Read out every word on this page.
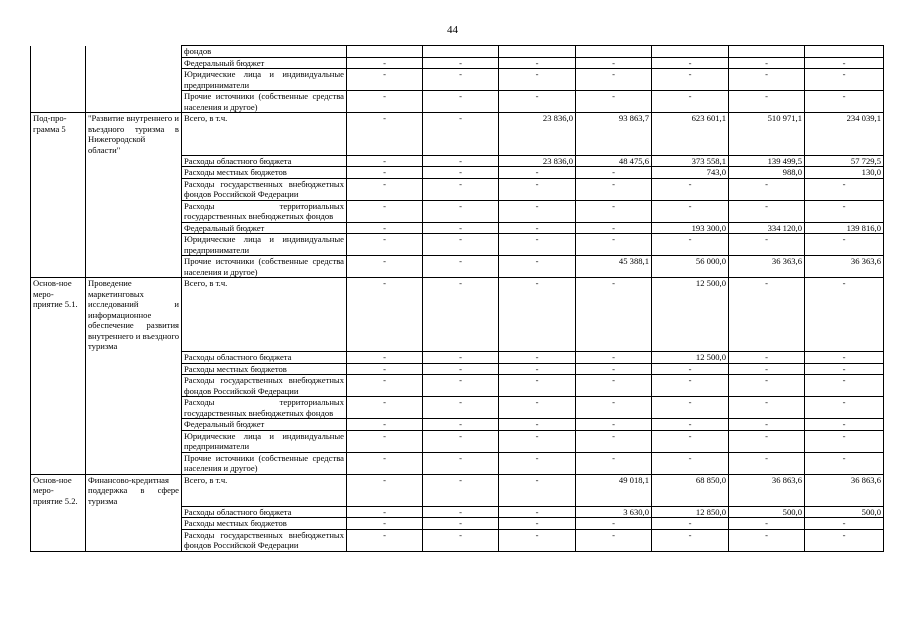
44
		фондов							
		Федеральный бюджет	-	-	-	-	-	-	-
		Юридические лица и индивидуальные предприниматели	-	-	-	-	-	-	-
		Прочие источники (собственные средства населения и другое)	-	-	-	-	-	-	-
Под-про-грамма 5	"Развитие внутреннего и въездного туризма в Нижегородской области"	Всего, в т.ч.	-	-	23 836,0	93 863,7	623 601,1	510 971,1	234 039,1
		Расходы областного бюджета	-	-	23 836,0	48 475,6	373 558,1	139 499,5	57 729,5
		Расходы местных бюджетов	-	-	-	-	743,0	988,0	130,0
		Расходы государственных внебюджетных фондов Российской Федерации	-	-	-	-	-	-	-
		Расходы территориальных государственных внебюджетных фондов	-	-	-	-	-	-	-
		Федеральный бюджет	-	-	-	-	193 300,0	334 120,0	139 816,0
		Юридические лица и индивидуальные предприниматели	-	-	-	-	-	-	-
		Прочие источники (собственные средства населения и другое)	-	-	-	45 388,1	56 000,0	36 363,6	36 363,6
Основ-ное меро-приятие 5.1.	Проведение маркетинговых исследований и информационное обеспечение развития внутреннего и въездного туризма	Всего, в т.ч.	-	-	-	-	12 500,0	-	-
		Расходы областного бюджета	-	-	-	-	12 500,0	-	-
		Расходы местных бюджетов	-	-	-	-	-	-	-
		Расходы государственных внебюджетных фондов Российской Федерации	-	-	-	-	-	-	-
		Расходы территориальных государственных внебюджетных фондов	-	-	-	-	-	-	-
		Федеральный бюджет	-	-	-	-	-	-	-
		Юридические лица и индивидуальные предприниматели	-	-	-	-	-	-	-
		Прочие источники (собственные средства населения и другое)	-	-	-	-	-	-	-
Основ-ное меро-приятие 5.2.	Финансово-кредитная поддержка в сфере туризма	Всего, в т.ч.	-	-	-	49 018,1	68 850,0	36 863,6	36 863,6
		Расходы областного бюджета	-	-	-	3 630,0	12 850,0	500,0	500,0
		Расходы местных бюджетов	-	-	-	-	-	-	-
		Расходы государственных внебюджетных фондов Российской Федерации	-	-	-	-	-	-	-
